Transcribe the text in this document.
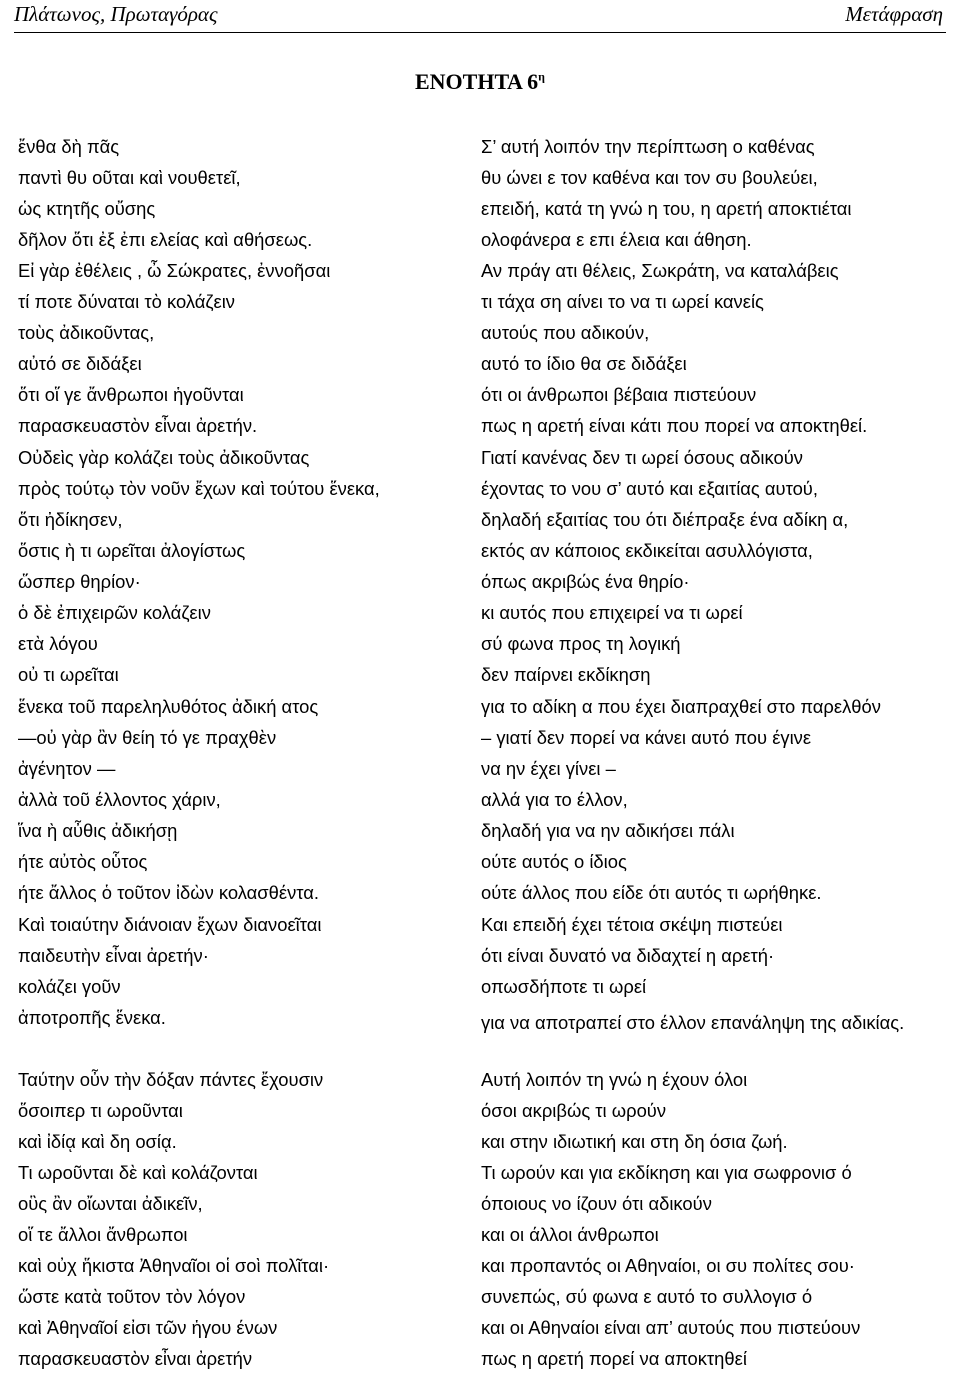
Πλάτωνος, Πρωταγόρας	Μετάφραση
ΕΝΟΤΗΤΑ $6^\eta$
ἔνθα δὴ πᾶς	Σ’ αυτή λοιπόν την περίπτωση ο καθένας
παντὶ θυ οῦται καὶ νουθετεῖ,	θυ ώνει ε τον καθένα και τον συ βουλεύει,
ὡς κτητῆς οὔσης	επειδή, κατά τη γνώ η του, η αρετή αποκτιέται
δῆλον ὅτι ἐξ ἐπι ελείας καὶ αθήσεως.	ολοφάνερα ε επι έλεια και άθηση.
Εἰ γὰρ ἐθέλεις , ὦ Σώκρατες, ἐννοῆσαι	Αν πράγ ατι θέλεις, Σωκράτη, να καταλάβεις
τί ποτε δύναται τὸ κολάζειν	τι τάχα ση αίνει το να τι ωρεί κανείς
τοὺς ἀδικοῦντας,	αυτούς που αδικούν,
αὐτό σε διδάξει	αυτό το ίδιο θα σε διδάξει
ὅτι οἵ γε ἄνθρωποι ἡγοῦνται	ότι οι άνθρωποι βέβαια πιστεύουν
παρασκευαστὸν εἶναι ἀρετήν.	πως η αρετή είναι κάτι που πορεί να αποκτηθεί.
Οὐδεὶς γὰρ κολάζει τοὺς ἀδικοῦντας	Γιατί κανένας δεν τι ωρεί όσους αδικούν
πρὸς τούτῳ τὸν νοῦν ἔχων καὶ τούτου ἕνεκα,	έχοντας το νου σ’ αυτό και εξαιτίας αυτού,
ὅτι ἠδίκησεν,	δηλαδή εξαιτίας του ότι διέπραξε ένα αδίκη α,
ὅστις ὴ τι ωρεῖται ἀλογίστως	εκτός αν κάποιος εκδικείται ασυλλόγιστα,
ὥσπερ θηρίον·	όπως ακριβώς ένα θηρίο·
ὁ δὲ ἐπιχειρῶν κολάζειν	κι αυτός που επιχειρεί να τι ωρεί
ετὰ λόγου	σύ φωνα προς τη λογική
οὐ τι ωρεῖται	δεν παίρνει εκδίκηση
ἕνεκα τοῦ παρεληλυθότος ἀδική ατος	για το αδίκη α που έχει διαπραχθεί στο παρελθόν
—οὐ γὰρ ἂν θείη τό γε πραχθὲν	– γιατί δεν πορεί να κάνει αυτό που έγινε
ἀγένητον —	να ην έχει γίνει –
ἀλλὰ τοῦ έλλοντος χάριν,	αλλά για το έλλον,
ἵνα ὴ αὖθις ἀδικήσῃ	δηλαδή για να ην αδικήσει πάλι
ήτε αὐτὸς οὗτος	ούτε αυτός ο ίδιος
ήτε ἄλλος ὁ τοῦτον ἰδὼν κολασθέντα.	ούτε άλλος που είδε ότι αυτός τι ωρήθηκε.
Καὶ τοιαύτην διάνοιαν ἔχων διανοεῖται	Και επειδή έχει τέτοια σκέψη πιστεύει
παιδευτὴν εἶναι ἀρετήν·	ότι είναι δυνατό να διδαχτεί η αρετή·
κολάζει γοῦν	οπωσδήποτε τι ωρεί
ἀποτροπῆς ἕνεκα.	για να αποτραπεί στο έλλον επανάληψη της αδικίας.
Ταύτην οὖν τὴν δόξαν πάντες ἔχουσιν	Αυτή λοιπόν τη γνώ η έχουν όλοι
ὅσοιπερ τι ωροῦνται	όσοι ακριβώς τι ωρούν
καὶ ἰδίᾳ καὶ δη οσίᾳ.	και στην ιδιωτική και στη δη όσια ζωή.
Τι ωροῦνται δὲ καὶ κολάζονται	Τι ωρούν και για εκδίκηση και για σωφρονισ ό
οὓς ἂν οἴωνται ἀδικεῖν,	όποιους νο ίζουν ότι αδικούν
οἵ τε ἄλλοι ἄνθρωποι	και οι άλλοι άνθρωποι
καὶ οὐχ ἥκιστα Ἀθηναῖοι οἱ σοὶ πολῖται·	και προπαντός οι Αθηναίοι, οι συ πολίτες σου·
ὥστε κατὰ τοῦτον τὸν λόγον	συνεπώς, σύ φωνα ε αυτό το συλλογισ ό
καὶ Ἀθηναῖοί εἰσι τῶν ἡγου ένων	και οι Αθηναίοι είναι απ’ αυτούς που πιστεύουν
παρασκευαστὸν εἶναι ἀρετήν	πως η αρετή πορεί να αποκτηθεί
